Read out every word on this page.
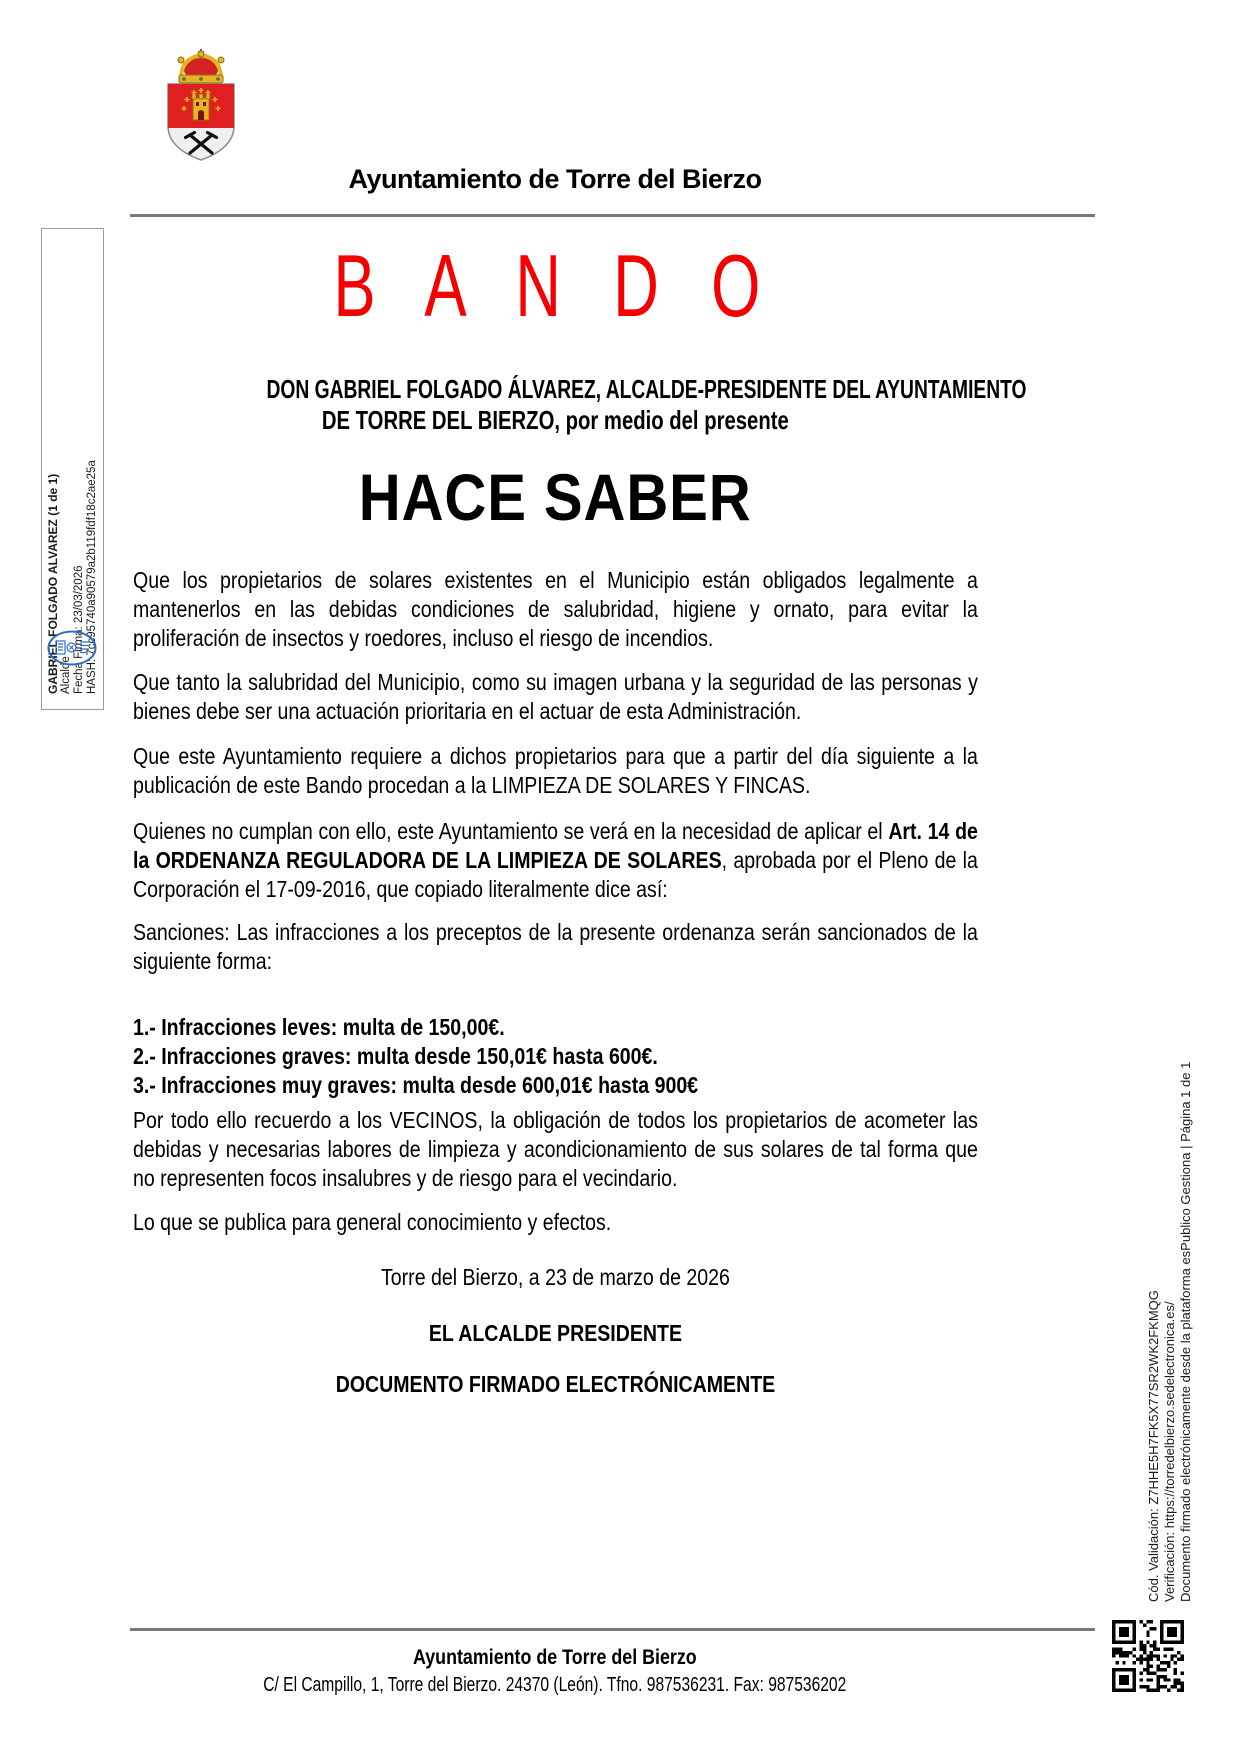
Ayuntamiento de Torre del Bierzo
B A N D O
DON GABRIEL FOLGADO ÁLVAREZ, ALCALDE-PRESIDENTE DEL AYUNTAMIENTO
DE TORRE DEL BIERZO, por medio del presente
HACE SABER

Que los propietarios de solares existentes en el Municipio están obligados legalmente a mantenerlos en las debidas condiciones de salubridad, higiene y ornato, para evitar la proliferación de insectos y roedores, incluso el riesgo de incendios.

Que tanto la salubridad del Municipio, como su imagen urbana y la seguridad de las personas y bienes debe ser una actuación prioritaria en el actuar de esta Administración.

Que este Ayuntamiento requiere a dichos propietarios para que a partir del día siguiente a la publicación de este Bando procedan a la LIMPIEZA DE SOLARES Y FINCAS.

Quienes no cumplan con ello, este Ayuntamiento se verá en la necesidad de aplicar el Art. 14 de la ORDENANZA REGULADORA DE LA LIMPIEZA DE SOLARES, aprobada por el Pleno de la Corporación el 17-09-2016, que copiado literalmente dice así:

Sanciones: Las infracciones a los preceptos de la presente ordenanza serán sancionados de la siguiente forma:

1.- Infracciones leves: multa de 150,00€.

2.- Infracciones graves: multa desde 150,01€ hasta 600€.

3.- Infracciones muy graves: multa desde 600,01€ hasta 900€

Por todo ello recuerdo a los VECINOS, la obligación de todos los propietarios de acometer las debidas y necesarias labores de limpieza y acondicionamiento de sus solares de tal forma que no representen focos insalubres y de riesgo para el vecindario.

Lo que se publica para general conocimiento y efectos.

Torre del Bierzo, a 23 de marzo de 2026

EL ALCALDE PRESIDENTE

DOCUMENTO FIRMADO ELECTRÓNICAMENTE

Ayuntamiento de Torre del Bierzo
C/ El Campillo, 1, Torre del Bierzo. 24370 (León). Tfno. 987536231. Fax: 987536202
GABRIEL FOLGADO ALVAREZ (1 de 1) Alcalde Fecha Firma: 23/03/2026 HASH: 7cc95740a90579a2b119fdf18c2ae25a
Cód. Validación: Z7HHE5H7FK5X77SR2WK2FKMQG Verificación: https://torredelbierzo.sedelectronica.es/ Documento firmado electrónicamente desde la plataforma esPublico Gestiona | Página 1 de 1
